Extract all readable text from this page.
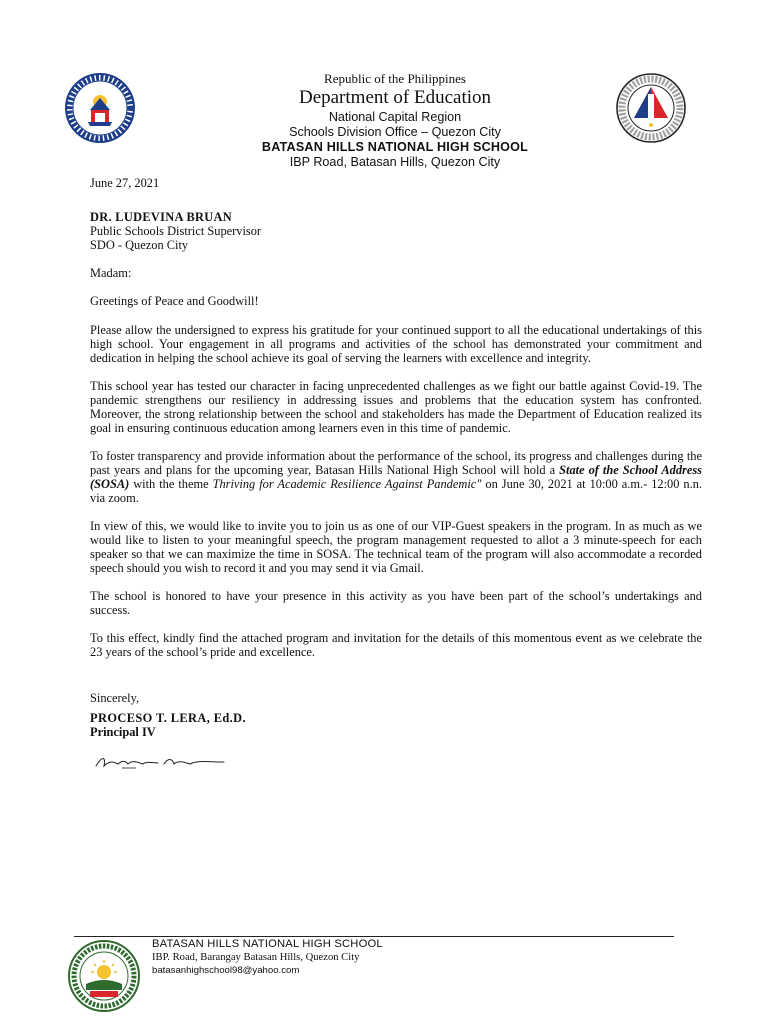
Republic of the Philippines
Department of Education
National Capital Region
Schools Division Office – Quezon City
BATASAN HILLS NATIONAL HIGH SCHOOL
IBP Road, Batasan Hills, Quezon City

June 27, 2021

DR. LUDEVINA BRUAN
Public Schools District Supervisor
SDO - Quezon City

Madam:

Greetings of Peace and Goodwill!

Please allow the undersigned to express his gratitude for your continued support to all the educational undertakings of this high school. Your engagement in all programs and activities of the school has demonstrated your commitment and dedication in helping the school achieve its goal of serving the learners with excellence and integrity.

This school year has tested our character in facing unprecedented challenges as we fight our battle against Covid-19. The pandemic strengthens our resiliency in addressing issues and problems that the education system has confronted. Moreover, the strong relationship between the school and stakeholders has made the Department of Education realized its goal in ensuring continuous education among learners even in this time of pandemic.

To foster transparency and provide information about the performance of the school, its progress and challenges during the past years and plans for the upcoming year, Batasan Hills National High School will hold a State of the School Address (SOSA) with the theme Thriving for Academic Resilience Against Pandemic" on June 30, 2021 at 10:00 a.m.- 12:00 n.n. via zoom.

In view of this, we would like to invite you to join us as one of our VIP-Guest speakers in the program. In as much as we would like to listen to your meaningful speech, the program management requested to allot a 3 minute-speech for each speaker so that we can maximize the time in SOSA. The technical team of the program will also accommodate a recorded speech should you wish to record it and you may send it via Gmail.

The school is honored to have your presence in this activity as you have been part of the school’s undertakings and success.

To this effect, kindly find the attached program and invitation for the details of this momentous event as we celebrate the 23 years of the school’s pride and excellence.

Sincerely,
PROCESO T. LERA, Ed.D.
Principal IV
BATASAN HILLS NATIONAL HIGH SCHOOL
IBP. Road, Barangay Batasan Hills, Quezon City
batasanhighschool98@yahoo.com
